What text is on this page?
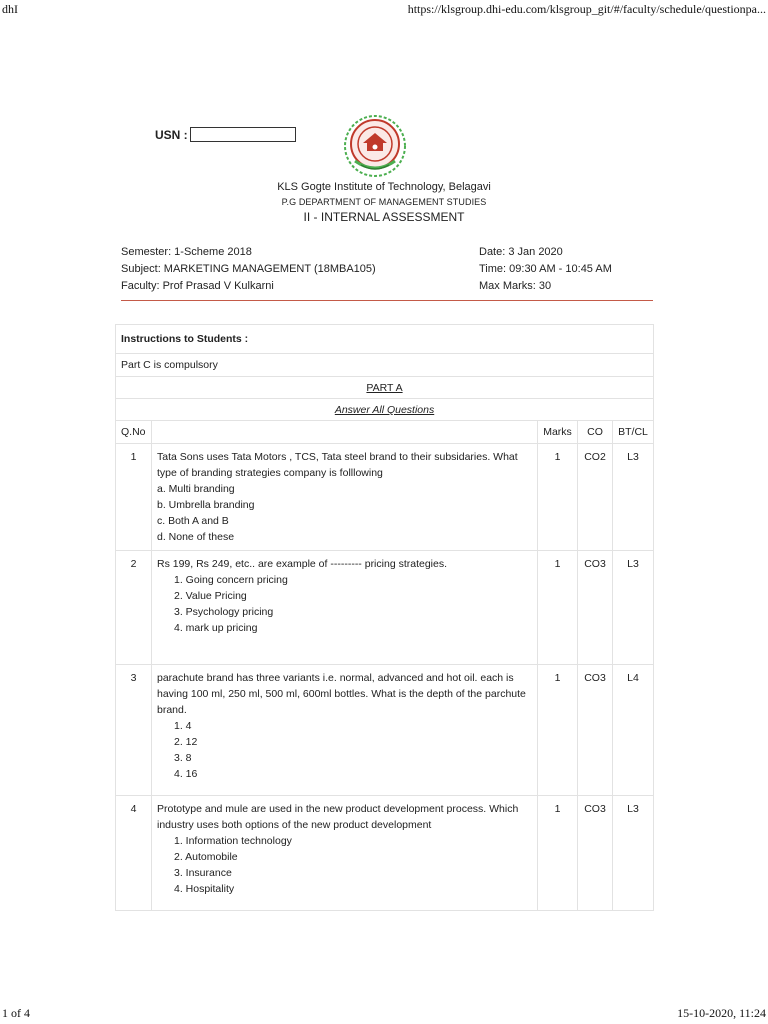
dhI	https://klsgroup.dhi-edu.com/klsgroup_git/#/faculty/schedule/questionpa...
1 of 4	15-10-2020, 11:24
USN :
KLS Gogte Institute of Technology, Belagavi
P.G DEPARTMENT OF MANAGEMENT STUDIES
II - INTERNAL ASSESSMENT
Semester: 1-Scheme 2018
Subject: MARKETING MANAGEMENT (18MBA105)
Faculty: Prof Prasad V Kulkarni
Date: 3 Jan 2020
Time: 09:30 AM - 10:45 AM
Max Marks: 30
Instructions to Students :				

Part C is compulsory				

PART A				

Answer All Questions				

Q.No		Marks	CO	BT/CL

1	Tata Sons uses Tata Motors , TCS, Tata steel brand to their subsidaries. What type of branding strategies company is folllowing
a. Multi branding
b. Umbrella branding
c. Both A and B
d. None of these	1	CO2	L3

2	Rs 199, Rs 249, etc.. are example of --------- pricing strategies.
1. Going concern pricing
2. Value Pricing
3. Psychology pricing
4. mark up pricing	1	CO3	L3

3	parachute brand has three variants i.e. normal, advanced and hot oil. each is having 100 ml, 250 ml, 500 ml, 600ml bottles. What is the depth of the parchute brand.
1. 4
2. 12
3. 8
4. 16	1	CO3	L4

4	Prototype and mule are used in the new product development process. Which industry uses both options of the new product development
1. Information technology
2. Automobile
3. Insurance
4. Hospitality	1	CO3	L3
